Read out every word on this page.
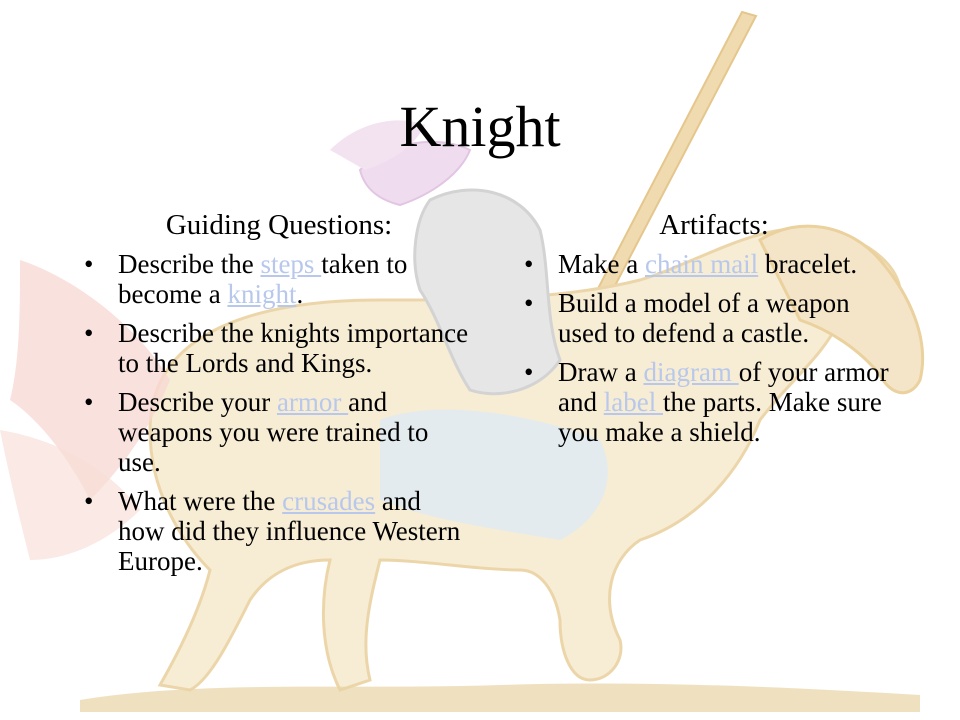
Knight
Guiding Questions:
• Describe the steps taken to become a knight.
• Describe the knights importance to the Lords and Kings.
• Describe your armor and weapons you were trained to use.
• What were the crusades and how did they influence Western Europe.
Artifacts:
• Make a chain mail bracelet.
• Build a model of a weapon used to defend a castle.
• Draw a diagram of your armor and label the parts. Make sure you make a shield.
